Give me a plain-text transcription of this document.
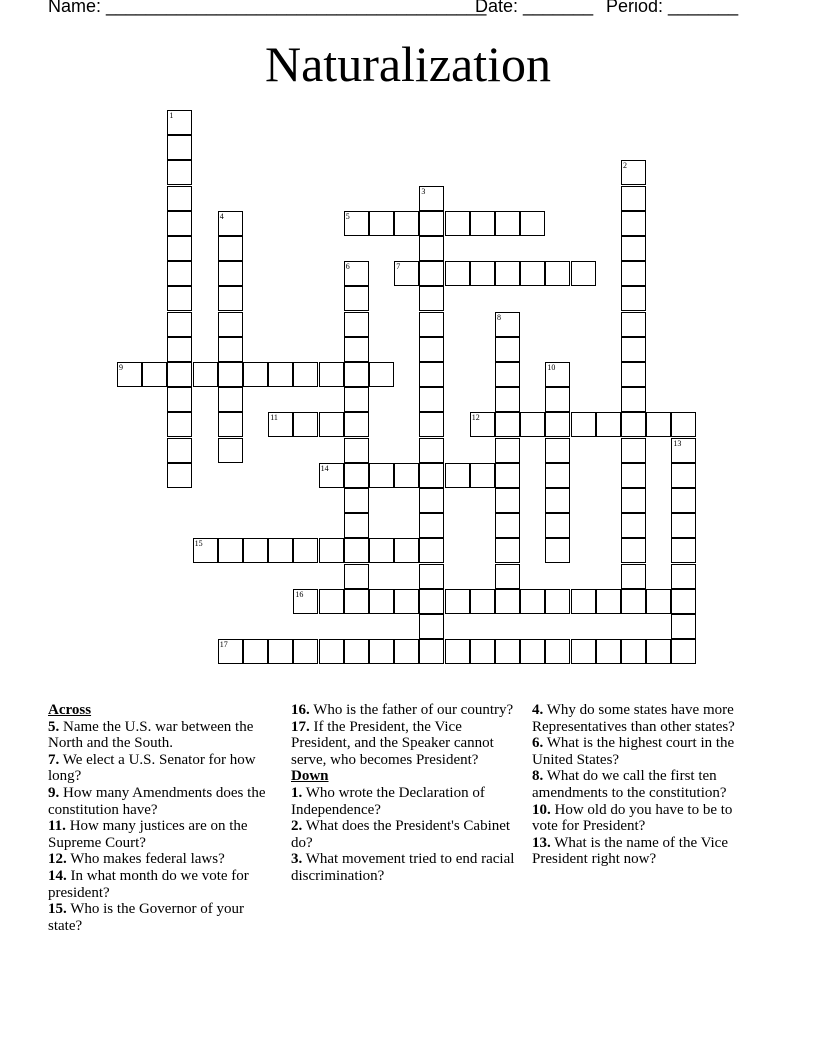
Name: ______________________________________

Date: _______

Period: _______

Naturalization
1
2
3
4	5
6	7
8
9	10
11	12
13
14
15
16
17
Across

5. Name the U.S. war between the North and the South.

7. We elect a U.S. Senator for how long?

9. How many Amendments does the constitution have?

11. How many justices are on the Supreme Court?

12. Who makes federal laws?

14. In what month do we vote for president?

15. Who is the Governor of your state?

16. Who is the father of our country?

17. If the President, the Vice President, and the Speaker cannot serve, who becomes President?

Down

1. Who wrote the Declaration of Independence?

2. What does the President's Cabinet do?

3. What movement tried to end racial discrimination?

4. Why do some states have more Representatives than other states?

6. What is the highest court in the United States?

8. What do we call the first ten amendments to the constitution?

10. How old do you have to be to vote for President?

13. What is the name of the Vice President right now?
